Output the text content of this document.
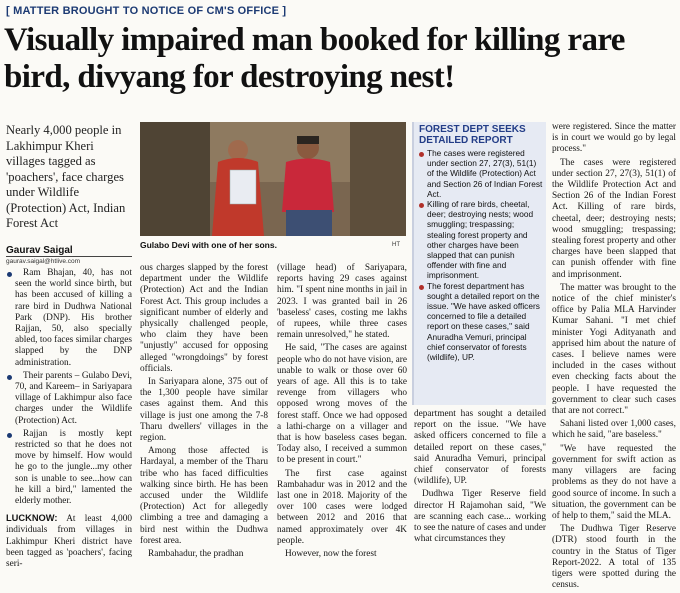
[ MATTER BROUGHT TO NOTICE OF CM'S OFFICE ]
Visually impaired man booked for killing rare bird, divyang for destroying nest!
Nearly 4,000 people in Lakhimpur Kheri villages tagged as 'poachers', face charges under Wildlife (Protection) Act, Indian Forest Act
Gaurav Saigal
gaurav.saigal@htlive.com
Gulabo Devi with one of her sons.	HT

Ram Bhajan, 40, has not seen the world since birth, but has been accused of killing a rare bird in Dudhwa National Park (DNP). His brother Rajjan, 50, also specially abled, too faces similar charges slapped by the DNP administration.

Their parents – Gulabo Devi, 70, and Kareem– in Sariyapara village of Lakhimpur also face charges under the Wildlife (Protection) Act.

Rajjan is mostly kept restricted so that he does not move by himself. How would he go to the jungle...my other son is unable to see...how can he kill a bird," lamented the elderly mother.

LUCKNOW: At least 4,000 individuals from villages in Lakhimpur Kheri district have been tagged as 'poachers', facing seri-

ous charges slapped by the forest department under the Wildlife (Protection) Act and the Indian Forest Act. This group includes a significant number of elderly and physically challenged people, who claim they have been "unjustly" accused for opposing alleged "wrongdoings" by forest officials.

In Sariyapara alone, 375 out of the 1,300 people have similar cases against them. And this village is just one among the 7-8 Tharu dwellers' villages in the region.

Among those affected is Hardayal, a member of the Tharu tribe who has faced difficulties walking since birth. He has been accused under the Wildlife (Protection) Act for allegedly climbing a tree and damaging a bird nest within the Dudhwa forest area.

Rambahadur, the pradhan

(village head) of Sariyapara, reports having 29 cases against him. "I spent nine months in jail in 2023. I was granted bail in 26 'baseless' cases, costing me lakhs of rupees, while three cases remain unresolved," he stated.

He said, "The cases are against people who do not have vision, are unable to walk or those over 60 years of age. All this is to take revenge from villagers who opposed wrong moves of the forest staff. Once we had opposed a lathi-charge on a villager and that is how baseless cases began. Today also, I received a summon to be present in court."

The first case against Rambahadur was in 2012 and the last one in 2018. Majority of the over 100 cases were lodged between 2012 and 2016 that named approximately over 4K people.

However, now the forest

FOREST DEPT SEEKS DETAILED REPORT

The cases were registered under section 27, 27(3), 51(1) of the Wildlife (Protection) Act and Section 26 of Indian Forest Act.

Killing of rare birds, cheetal, deer; destroying nests; wood smuggling; trespassing; stealing forest property and other charges have been slapped that can punish offender with fine and imprisonment.

The forest department has sought a detailed report on the issue. "We have asked officers concerned to file a detailed report on these cases," said Anuradha Vemuri, principal chief conservator of forests (wildlife), UP.

department has sought a detailed report on the issue. "We have asked officers concerned to file a detailed report on these cases," said Anuradha Vemuri, principal chief conservator of forests (wildlife), UP.

Dudhwa Tiger Reserve field director H Rajamohan said, "We are scanning each case... working to see the nature of cases and under what circumstances they

were registered. Since the matter is in court we would go by legal process."

The cases were registered under section 27, 27(3), 51(1) of the Wildlife Protection Act and Section 26 of the Indian Forest Act. Killing of rare birds, cheetal, deer; destroying nests; wood smuggling; trespassing; stealing forest property and other charges have been slapped that can punish offender with fine and imprisonment.

The matter was brought to the notice of the chief minister's office by Palia MLA Harvinder Kumar Sahani. "I met chief minister Yogi Adityanath and apprised him about the nature of cases. I believe names were included in the cases without even checking facts about the people. I have requested the government to clear such cases that are not correct."

Sahani listed over 1,000 cases, which he said, "are baseless."

"We have requested the government for swift action as many villagers are facing problems as they do not have a good source of income. In such a situation, the government can be of help to them," said the MLA.

The Dudhwa Tiger Reserve (DTR) stood fourth in the country in the Status of Tiger Report-2022. A total of 135 tigers were spotted during the census.
